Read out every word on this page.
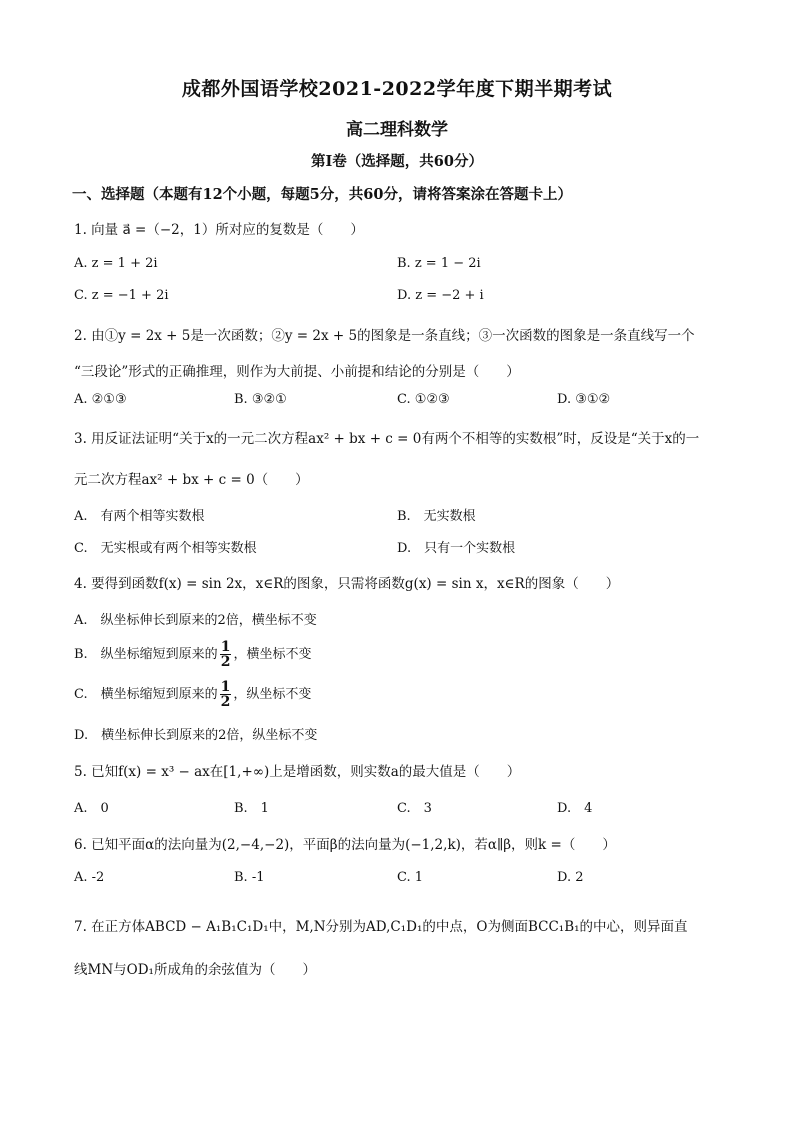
成都外国语学校2021-2022学年度下期半期考试
高二理科数学
第Ⅰ卷（选择题，共60分）
一、选择题（本题有12个小题，每题5分，共60分，请将答案涂在答题卡上）
1. 向量 a⃗ =（−2，1）所对应的复数是（　　）
A. z = 1 + 2i	B. z = 1 − 2i
C. z = −1 + 2i	D. z = −2 + i
2. 由①y = 2x + 5是一次函数；②y = 2x + 5的图象是一条直线；③一次函数的图象是一条直线写一个
“三段论”形式的正确推理，则作为大前提、小前提和结论的分别是（　　）
A. ②①③	B. ③②①	C. ①②③	D. ③①②
3. 用反证法证明“关于x的一元二次方程ax² + bx + c = 0有两个不相等的实数根”时，反设是“关于x的一
元二次方程ax² + bx + c = 0（　　）
A.　有两个相等实数根	B.　无实数根
C.　无实根或有两个相等实数根	D.　只有一个实数根
4. 要得到函数f(x) = sin 2x，x∈R的图象，只需将函数g(x) = sin x，x∈R的图象（　　）
A.　纵坐标伸长到原来的2倍，横坐标不变
B.　纵坐标缩短到原来的 $\frac{1}{2}$ ，横坐标不变
C.　横坐标缩短到原来的 $\frac{1}{2}$ ，纵坐标不变
D.　横坐标伸长到原来的2倍，纵坐标不变
5. 已知f(x) = x³ − ax在[1,+∞)上是增函数，则实数a的最大值是（　　）
A.　0	B.　1	C.　3	D.　4
6. 已知平面α的法向量为(2,−4,−2)，平面β的法向量为(−1,2,k)，若α∥β，则k =（　　）
A. -2	B. -1	C. 1	D. 2
7. 在正方体ABCD − A₁B₁C₁D₁中，M,N分别为AD,C₁D₁的中点，O为侧面BCC₁B₁的中心，则异面直
线MN与OD₁所成角的余弦值为（　　）
